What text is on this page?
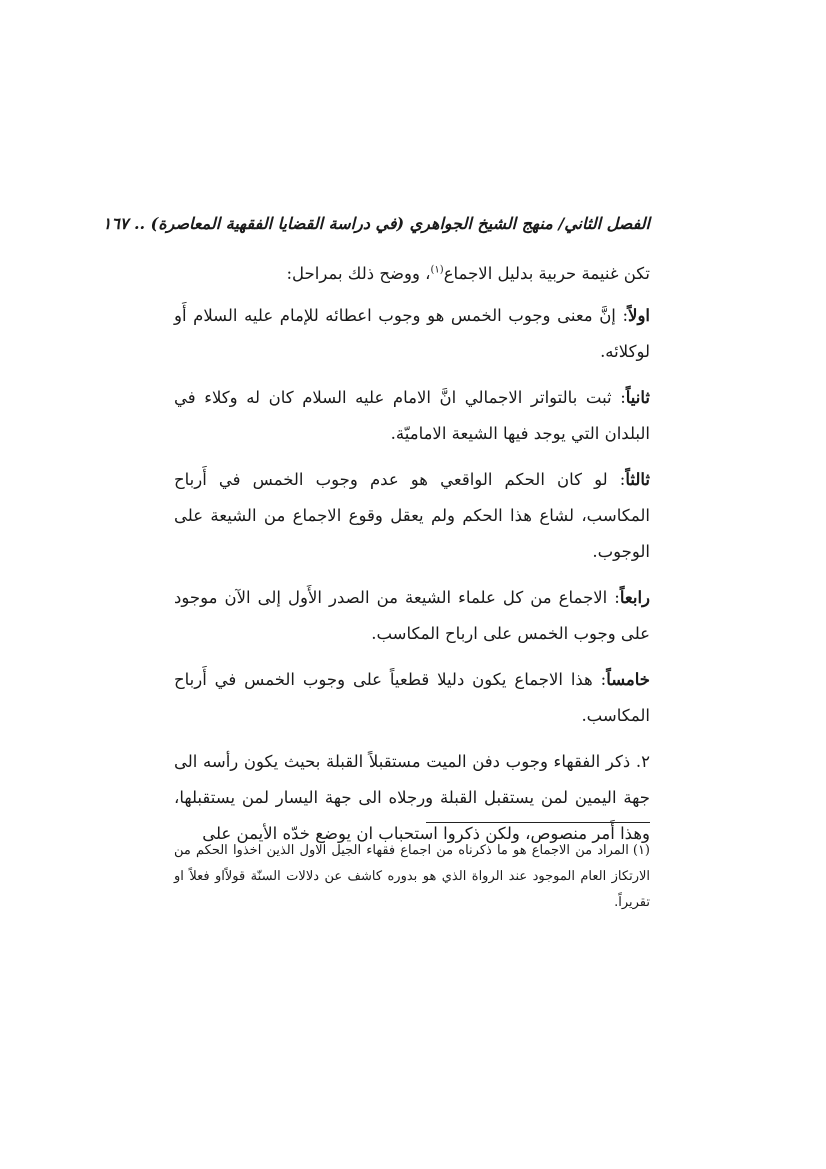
الفصل الثاني/ منهج الشيخ الجواهري (في دراسة القضايا الفقهية المعاصرة) .. ١٦٧

تكن غنيمة حربية بدليل الاجماع$^{(١)}$، ووضح ذلك بمراحل:

اولاً: إنَّ معنى وجوب الخمس هو وجوب اعطائه للإمام عليه السلام أَو لوكلائه.

ثانياً: ثبت بالتواتر الاجمالي انَّ الامام عليه السلام كان له وكلاء في البلدان التي يوجد فيها الشيعة الاماميّة.

ثالثاً: لو كان الحكم الواقعي هو عدم وجوب الخمس في أَرباح المكاسب، لشاع هذا الحكم ولم يعقل وقوع الاجماع من الشيعة على الوجوب.

رابعاً: الاجماع من كل علماء الشيعة من الصدر الأَول إلى الآن موجود على وجوب الخمس على ارباح المكاسب.

خامساً: هذا الاجماع يكون دليلا قطعياً على وجوب الخمس في أَرباح المكاسب.

٢. ذكر الفقهاء وجوب دفن الميت مستقبلاً القبلة بحيث يكون رأسه الى جهة اليمين لمن يستقبل القبلة ورجلاه الى جهة اليسار لمن يستقبلها، وهذا أَمر منصوص، ولكن ذكروا استحباب ان يوضع خدّه الأيمن على

(١)المراد من الاجماع هو ما ذكرناه من اجماع فقهاء الجيل الاول الذين اخذوا الحكم من الارتكاز العام الموجود عند الرواة الذي هو بدوره كاشف عن دلالات السنّة قولاًاو فعلاً او تقريراً.
